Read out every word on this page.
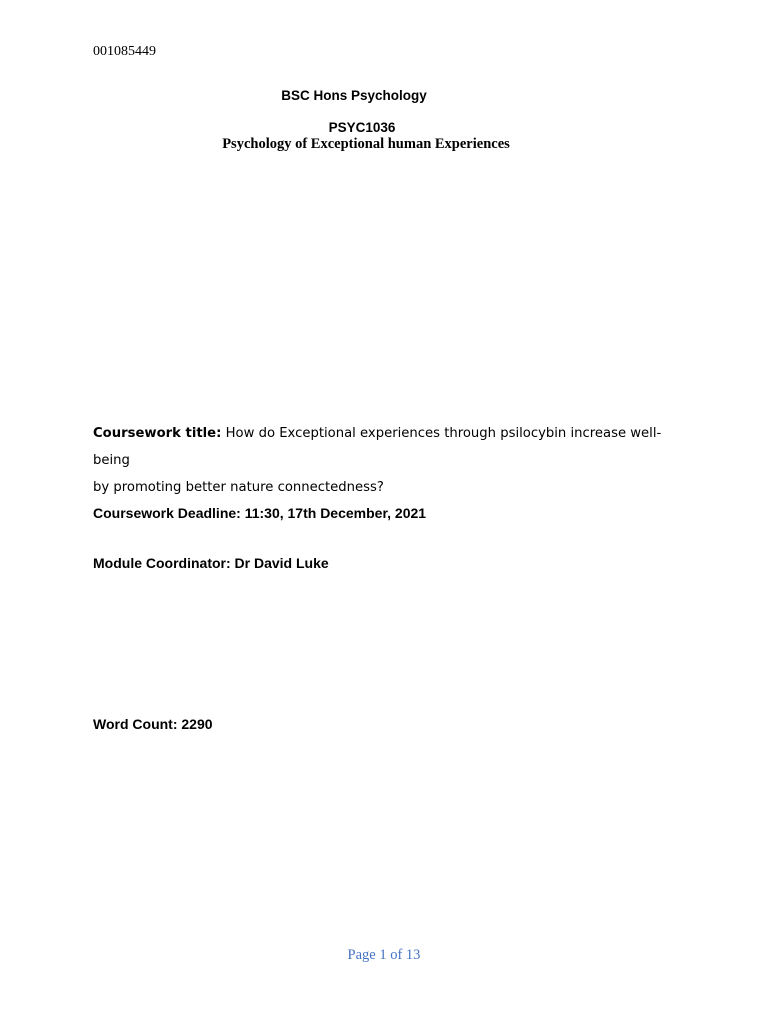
001085449
BSC Hons Psychology
PSYC1036
Psychology of Exceptional human Experiences
Coursework title: How do Exceptional experiences through psilocybin increase well-being
by promoting better nature connectedness?
Coursework Deadline: 11:30, 17th December, 2021
Module Coordinator: Dr David Luke
Word Count: 2290
Page 1 of 13
